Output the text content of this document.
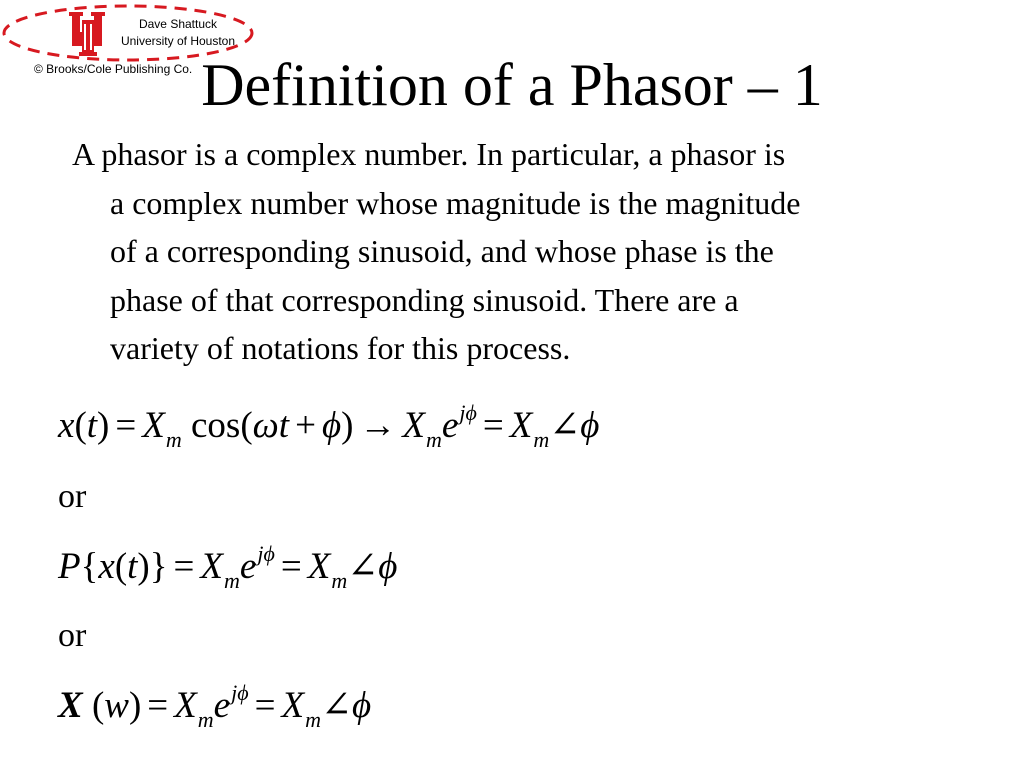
Dave Shattuck
University of Houston
© Brooks/Cole Publishing Co. Definition of a Phasor – 1
A phasor is a complex number. In particular, a phasor is
a complex number whose magnitude is the magnitude
of a corresponding sinusoid, and whose phase is the
phase of that corresponding sinusoid. There are a
variety of notations for this process.
$x(t) = X_m$ $\cos(\omega t + \phi) \to X_me^{j\phi}$ = $X_m\angle\phi$
or
$P\{x(t)\} = X_me^{j\phi}$ = $X_m\angle\phi$
or
X $(w) = X_me^{j\phi}$ = $X_m\angle\phi$
